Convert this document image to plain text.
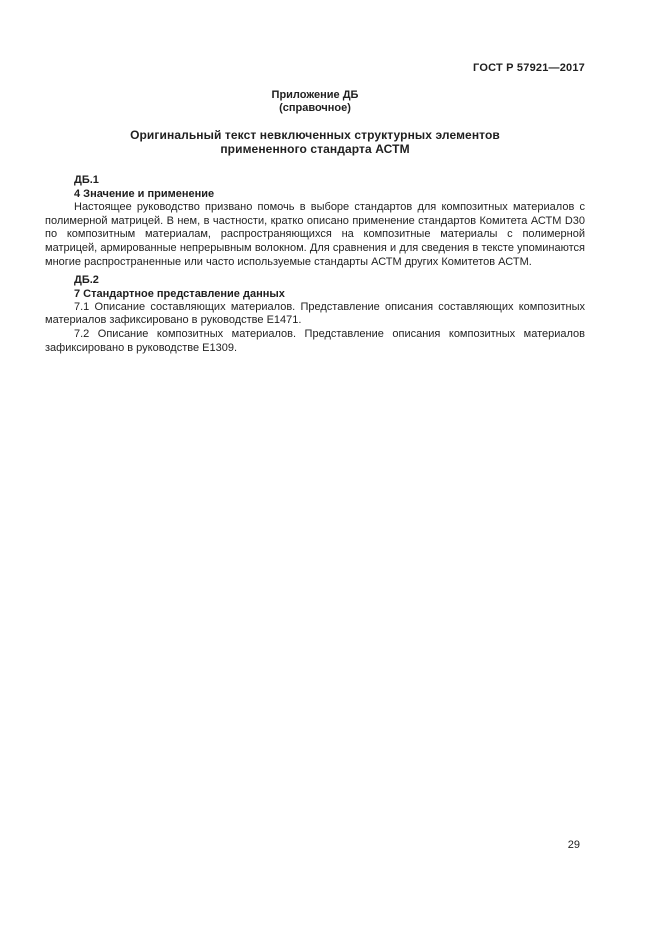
ГОСТ Р 57921—2017
Приложение ДБ
(справочное)
Оригинальный текст невключенных структурных элементов
примененного стандарта АСТМ
ДБ.1
4 Значение и применение

Настоящее руководство призвано помочь в выборе стандартов для композитных материалов с полимерной матрицей. В нем, в частности, кратко описано применение стандартов Комитета АСТМ D30 по композитным материалам, распространяющихся на композитные материалы с полимерной матрицей, армированные непрерывным волокном. Для сравнения и для сведения в тексте упоминаются многие распространенные или часто используемые стандарты АСТМ других Комитетов АСТМ.

ДБ.2
7 Стандартное представление данных

7.1 Описание составляющих материалов. Представление описания составляющих композитных материалов зафиксировано в руководстве Е1471.

7.2 Описание композитных материалов. Представление описания композитных материалов зафиксировано в руководстве Е1309.

29
